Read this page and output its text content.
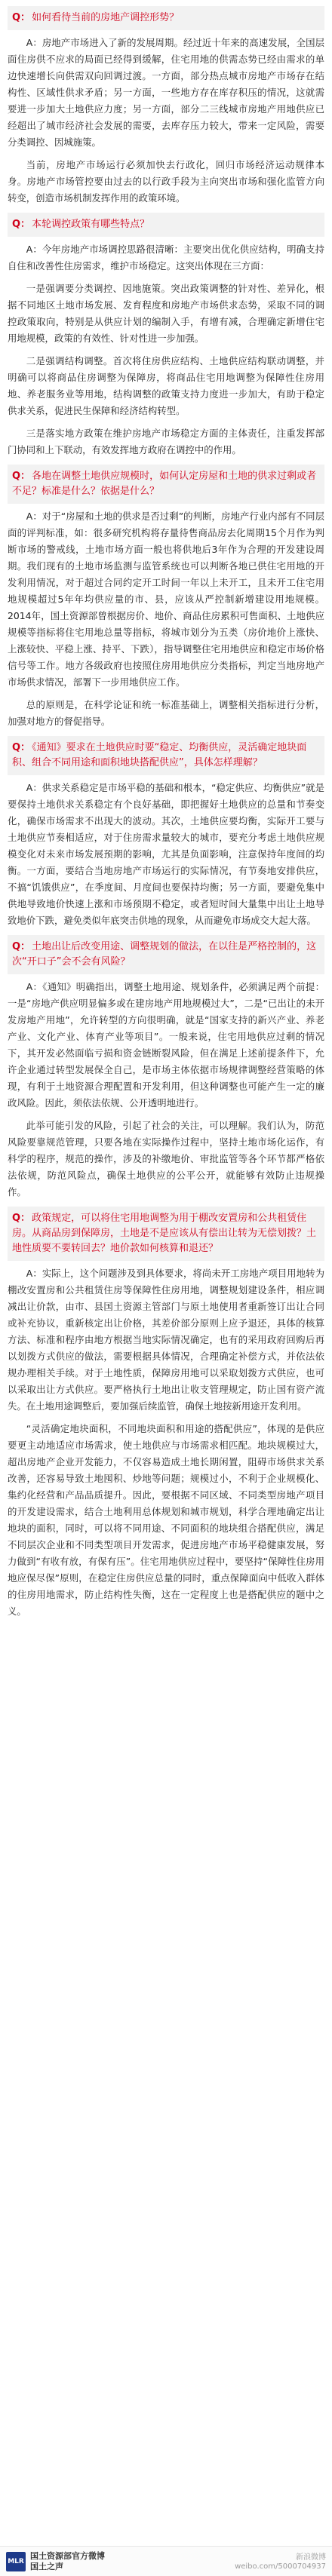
Q： 如何看待当前的房地产调控形势？

A：房地产市场进入了新的发展周期。经过近十年来的高速发展，全国层面住房供不应求的局面已经得到缓解，住宅用地的供需态势已经由需求的单边快速增长向供需双向回调过渡。一方面，部分热点城市房地产市场存在结构性、区域性供求矛盾；另一方面，一些地方存在库存积压的情况，这就需要进一步加大土地供应力度；另一方面，部分二三线城市房地产用地供应已经超出了城市经济社会发展的需要，去库存压力较大，带来一定风险，需要分类调控、因城施策。

当前，房地产市场运行必须加快去行政化，回归市场经济运动规律本身。房地产市场管控要由过去的以行政手段为主向突出市场和强化监管方向转变，创造市场机制发挥作用的政策环境。

Q： 本轮调控政策有哪些特点？

A：今年房地产市场调控思路很清晰：主要突出优化供应结构，明确支持自住和改善性住房需求，维护市场稳定。这突出体现在三方面：

一是强调要分类调控、因地施策。突出政策调整的针对性、差异化，根据不同地区土地市场发展、发育程度和房地产市场供求态势，采取不同的调控政策取向，特别是从供应计划的编制入手，有增有减，合理确定新增住宅用地规模，政策的有效性、针对性进一步加强。

二是强调结构调整。首次将住房供应结构、土地供应结构联动调整，并明确可以将商品住房调整为保障房，将商品住宅用地调整为保障性住房用地、养老服务业等用地，结构调整的政策支持力度进一步加大，有助于稳定供求关系，促进民生保障和经济结构转型。

三是落实地方政策在维护房地产市场稳定方面的主体责任，注重发挥部门协同和上下联动，有效发挥地方政府在调控中的作用。

Q： 各地在调整土地供应规模时，如何认定房屋和土地的供求过剩或者不足？标准是什么？依据是什么？

A：对于“房屋和土地的供求是否过剩”的判断，房地产行业内部有不同层面的评判标准，如：很多研究机构将存量待售商品房去化周期15个月作为判断市场的警戒线，土地市场方面一般也将供地后3年作为合理的开发建设周期。我们现有的土地市场监测与监管系统也可以判断各地已供住宅用地的开发利用情况，对于超过合同约定开工时间一年以上未开工，且未开工住宅用地规模超过5年年均供应量的市、县，应该从严控制新增建设用地规模。2014年，国土资源部曾根据房价、地价、商品住房累积可售面积、土地供应规模等指标将住宅用地总量等指标，将城市划分为五类（房价地价上涨快、上涨较快、平稳上涨、持平、下跌），指导调整住宅用地供应和稳定市场价格信号等工作。地方各级政府也按照住房用地供应分类指标，判定当地房地产市场供求情况，部署下一步用地供应工作。

总的原则是，在科学论证和统一标准基础上，调整相关指标进行分析，加强对地方的督促指导。

Q： 《通知》要求在土地供应时要“稳定、均衡供应，灵活确定地块面积、组合不同用途和面积地块搭配供应”，具体怎样理解？

A：供求关系稳定是市场平稳的基础和根本，“稳定供应、均衡供应”就是要保持土地供求关系稳定有个良好基础，即把握好土地供应的总量和节奏变化，确保市场需求不出现大的波动。其次，土地供应要均衡，实际开工要与土地供应节奏相适应，对于住房需求量较大的城市，要充分考虑土地供应规模变化对未来市场发展预期的影响，尤其是负面影响，注意保持年度间的均衡。一方面，要结合当地房地产市场运行的实际情况，有节奏地安排供应，不搞“饥饿供应”，在季度间、月度间也要保持均衡；另一方面，要避免集中供地导致地价快速上涨和市场预期不稳定，或者短时间大量集中出让土地导致地价下跌，避免类似年底突击供地的现象，从而避免市场成交大起大落。

Q： 土地出让后改变用途、调整规划的做法，在以往是严格控制的，这次“开口子”会不会有风险？

A：《通知》明确指出，调整土地用途、规划条件，必须满足两个前提：一是“房地产供应明显偏多或在建房地产用地规模过大”，二是“已出让的未开发房地产用地”，允许转型的方向很明确，就是“国家支持的新兴产业、养老产业、文化产业、体育产业等项目”。一般来说，住宅用地供应过剩的情况下，其开发必然面临亏损和资金链断裂风险，但在满足上述前提条件下，允许企业通过转型发展保全自己，是市场主体依据市场规律调整经营策略的体现，有利于土地资源合理配置和开发利用，但这种调整也可能产生一定的廉政风险。因此，须依法依规、公开透明地进行。

此举可能引发的风险，引起了社会的关注，可以理解。我们认为，防范风险要靠规范管理，只要各地在实际操作过程中，坚持土地市场化运作，有科学的程序，规范的操作，涉及的补缴地价、审批监管等各个环节都严格依法依规，防范风险点，确保土地供应的公平公开，就能够有效防止违规操作。

Q： 政策规定，可以将住宅用地调整为用于棚改安置房和公共租赁住房。从商品房到保障房，土地是不是应该从有偿出让转为无偿划拨？土地性质要不要转回去？地价款如何核算和退还？

A：实际上，这个问题涉及到具体要求，将尚未开工房地产项目用地转为棚改安置房和公共租赁住房等保障性住房用地，调整规划建设条件，相应调减出让价款，由市、县国土资源主管部门与原土地使用者重新签订出让合同或补充协议，重新核定出让价格，其差价部分原则上应予退还，具体的核算方法、标准和程序由地方根据当地实际情况确定，也有的采用政府回购后再以划拨方式供应的做法，需要根据具体情况，合理确定补偿方式，并依法依规办理相关手续。对于土地性质，保障房用地可以采取划拨方式供应，也可以采取出让方式供应。要严格执行土地出让收支管理规定，防止国有资产流失。在土地用途调整后，要加强后续监管，确保土地按新用途开发利用。

“灵活确定地块面积，不同地块面积和用途的搭配供应”，体现的是供应要更主动地适应市场需求，使土地供应与市场需求相匹配。地块规模过大，超出房地产企业开发能力，不仅容易造成土地长期闲置，阻碍市场供求关系改善，还容易导致土地囤积、炒地等问题；规模过小，不利于企业规模化、集约化经营和产品品质提升。因此，要根据不同区域、不同类型房地产项目的开发建设需求，结合土地利用总体规划和城市规划，科学合理地确定出让地块的面积，同时，可以将不同用途、不同面积的地块组合搭配供应，满足不同层次企业和不同类型项目开发需求，促进房地产市场平稳健康发展，努力做到“有收有放，有保有压”。住宅用地供应过程中，要坚持“保障性住房用地应保尽保”原则，在稳定住房供应总量的同时，重点保障面向中低收入群体的住房用地需求，防止结构性失衡，这在一定程度上也是搭配供应的题中之义。

MLR
国土资源部官方微博
国土之声
新浪微博
weibo.com/5000704937
